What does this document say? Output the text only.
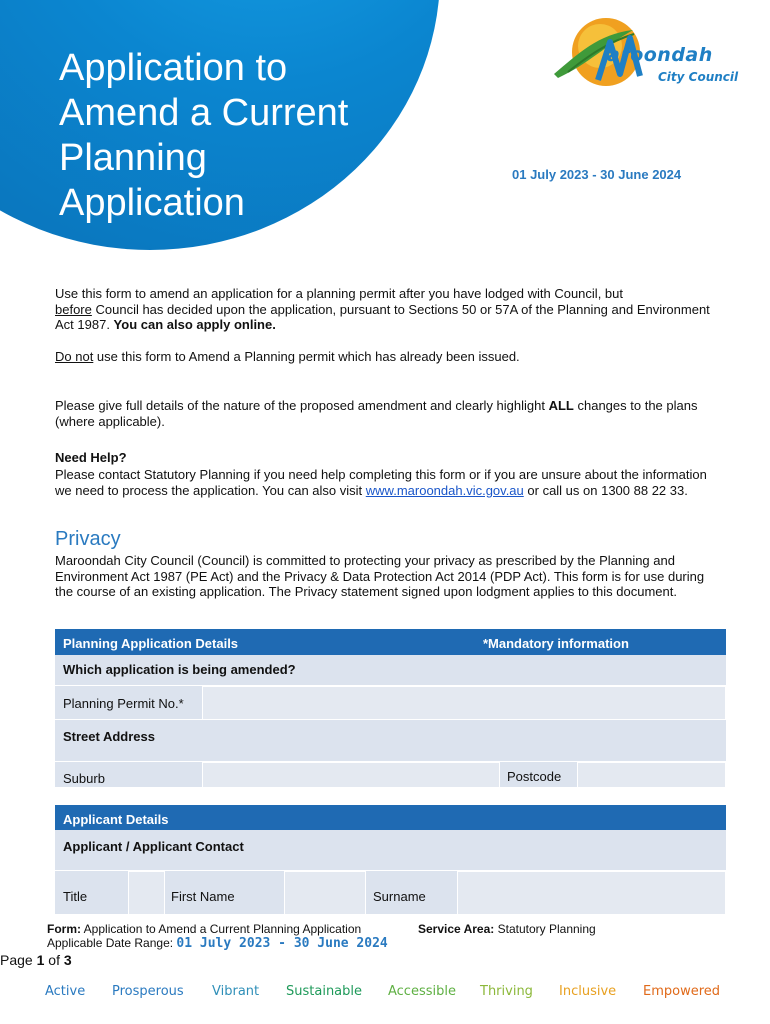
Application to Amend a Current Planning Application
aroondah
City Council
01 July 2023 - 30 June 2024
Use this form to amend an application for a planning permit after you have lodged with Council, but
before Council has decided upon the application, pursuant to Sections 50 or 57A of the Planning and Environment Act 1987. You can also apply online.
Do not use this form to Amend a Planning permit which has already been issued.
Please give full details of the nature of the proposed amendment and clearly highlight ALL changes to the plans (where applicable).
Need Help?
Please contact Statutory Planning if you need help completing this form or if you are unsure about the information we need to process the application. You can also visit www.maroondah.vic.gov.au or call us on 1300 88 22 33.
Privacy
Maroondah City Council (Council) is committed to protecting your privacy as prescribed by the Planning and Environment Act 1987 (PE Act) and the Privacy & Data Protection Act 2014 (PDP Act). This form is for use during the course of an existing application. The Privacy statement signed upon lodgment applies to this document.
Planning Application Details	*Mandatory information
Which application is being amended?
Planning Permit No.*
Street Address
Suburb	Postcode
Applicant Details
Applicant / Applicant Contact
Title	First Name	Surname
Form: Application to Amend a Current Planning Application	Service Area: Statutory Planning
Applicable Date Range: 01 July 2023 - 30 June 2024
Page 1 of 3
Active Prosperous Vibrant Sustainable Accessible Thriving Inclusive Empowered
